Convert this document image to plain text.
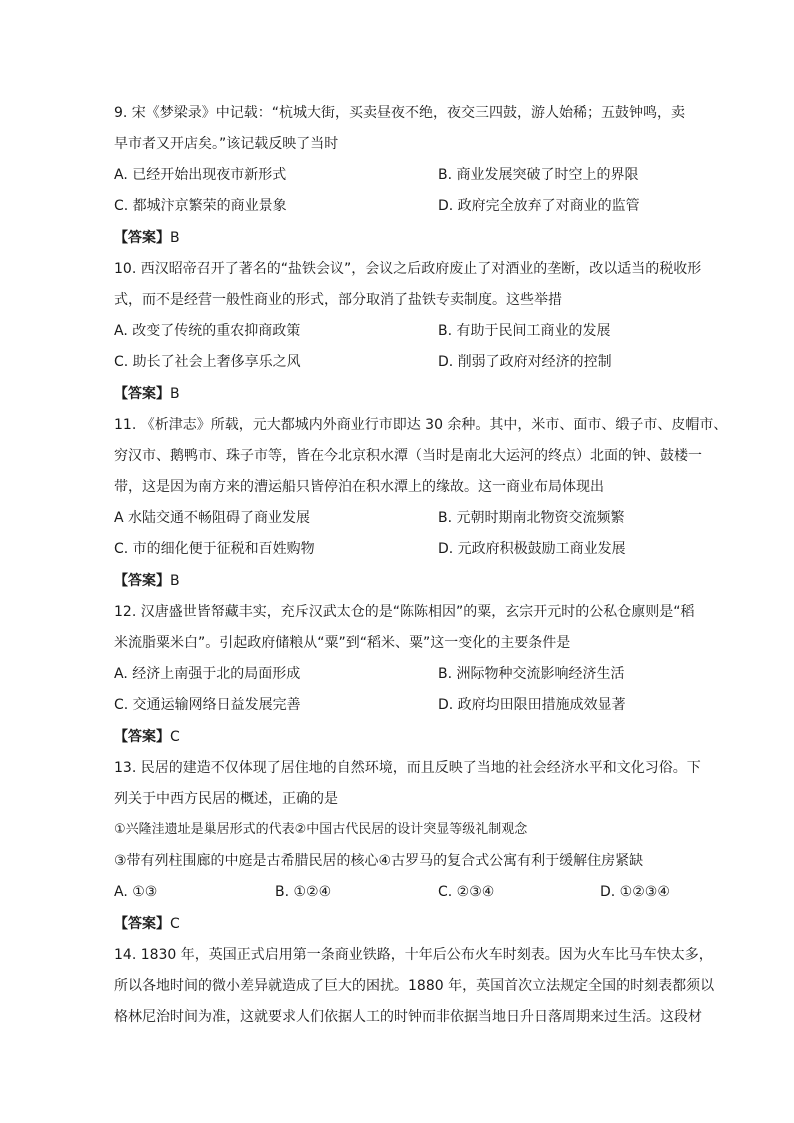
9. 宋《梦梁录》中记载：“杭城大街，买卖昼夜不绝，夜交三四鼓，游人始稀；五鼓钟鸣，卖
早市者又开店矣。”该记载反映了当时
A. 已经开始出现夜市新形式	B. 商业发展突破了时空上的界限
C. 都城汴京繁荣的商业景象	D. 政府完全放弃了对商业的监管
【答案】B
10. 西汉昭帝召开了著名的“盐铁会议”，会议之后政府废止了对酒业的垄断，改以适当的税收形
式，而不是经营一般性商业的形式，部分取消了盐铁专卖制度。这些举措
A. 改变了传统的重农抑商政策	B. 有助于民间工商业的发展
C. 助长了社会上奢侈享乐之风	D. 削弱了政府对经济的控制
【答案】B
11. 《析津志》所载，元大都城内外商业行市即达 30 余种。其中，米市、面市、缎子市、皮帽市、
穷汉市、鹅鸭市、珠子市等，皆在今北京积水潭（当时是南北大运河的终点）北面的钟、鼓楼一
带，这是因为南方来的漕运船只皆停泊在积水潭上的缘故。这一商业布局体现出
A 水陆交通不畅阻碍了商业发展	B. 元朝时期南北物资交流频繁
C. 市的细化便于征税和百姓购物	D. 元政府积极鼓励工商业发展
【答案】B
12. 汉唐盛世皆帑藏丰实，充斥汉武太仓的是“陈陈相因”的粟，玄宗开元时的公私仓廪则是“稻
米流脂粟米白”。引起政府储粮从“粟”到“稻米、粟”这一变化的主要条件是
A. 经济上南强于北的局面形成	B. 洲际物种交流影响经济生活
C. 交通运输网络日益发展完善	D. 政府均田限田措施成效显著
【答案】C
13. 民居的建造不仅体现了居住地的自然环境，而且反映了当地的社会经济水平和文化习俗。下
列关于中西方民居的概述，正确的是
①兴隆洼遗址是巢居形式的代表②中国古代民居的设计突显等级礼制观念
③带有列柱围廊的中庭是古希腊民居的核心④古罗马的复合式公寓有利于缓解住房紧缺
A. ①③	B. ①②④	C. ②③④	D. ①②③④
【答案】C
14. 1830 年，英国正式启用第一条商业铁路，十年后公布火车时刻表。因为火车比马车快太多，
所以各地时间的微小差异就造成了巨大的困扰。1880 年，英国首次立法规定全国的时刻表都须以
格林尼治时间为准，这就要求人们依据人工的时钟而非依据当地日升日落周期来过生活。这段材
